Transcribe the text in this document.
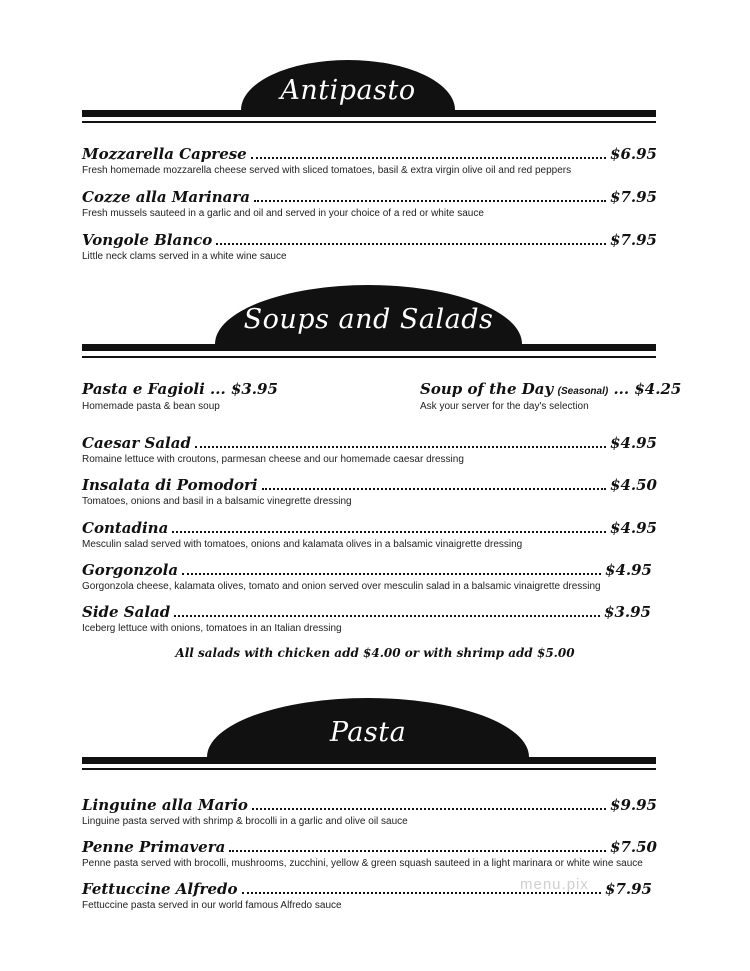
Antipasto
Mozzarella Caprese	$6.95
Fresh homemade mozzarella cheese served with sliced tomatoes, basil & extra virgin olive oil and red peppers
Cozze alla Marinara	$7.95
Fresh mussels sauteed in a garlic and oil and served in your choice of a red or white sauce
Vongole Blanco	$7.95
Little neck clams served in a white wine sauce
Soups and Salads
Pasta e Fagioli ... $3.95
Homemade pasta & bean soup
Soup of the Day (Seasonal) ... $4.25
Ask your server for the day's selection
Caesar Salad	$4.95
Romaine lettuce with croutons, parmesan cheese and our homemade caesar dressing
Insalata di Pomodori	$4.50
Tomatoes, onions and basil in a balsamic vinegrette dressing
Contadina	$4.95
Mesculin salad served with tomatoes, onions and kalamata olives in a balsamic vinaigrette dressing
Gorgonzola	$4.95
Gorgonzola cheese, kalamata olives, tomato and onion served over mesculin salad in a balsamic vinaigrette dressing
Side Salad	$3.95
Iceberg lettuce with onions, tomatoes in an Italian dressing
All salads with chicken add $4.00 or with shrimp add $5.00
Pasta
Linguine alla Mario	$9.95
Linguine pasta served with shrimp & brocolli in a garlic and olive oil sauce
Penne Primavera	$7.50
Penne pasta served with brocolli, mushrooms, zucchini, yellow & green squash sauteed in a light marinara or white wine sauce
Fettuccine Alfredo	$7.95
Fettuccine pasta served in our world famous Alfredo sauce
menu.pix
